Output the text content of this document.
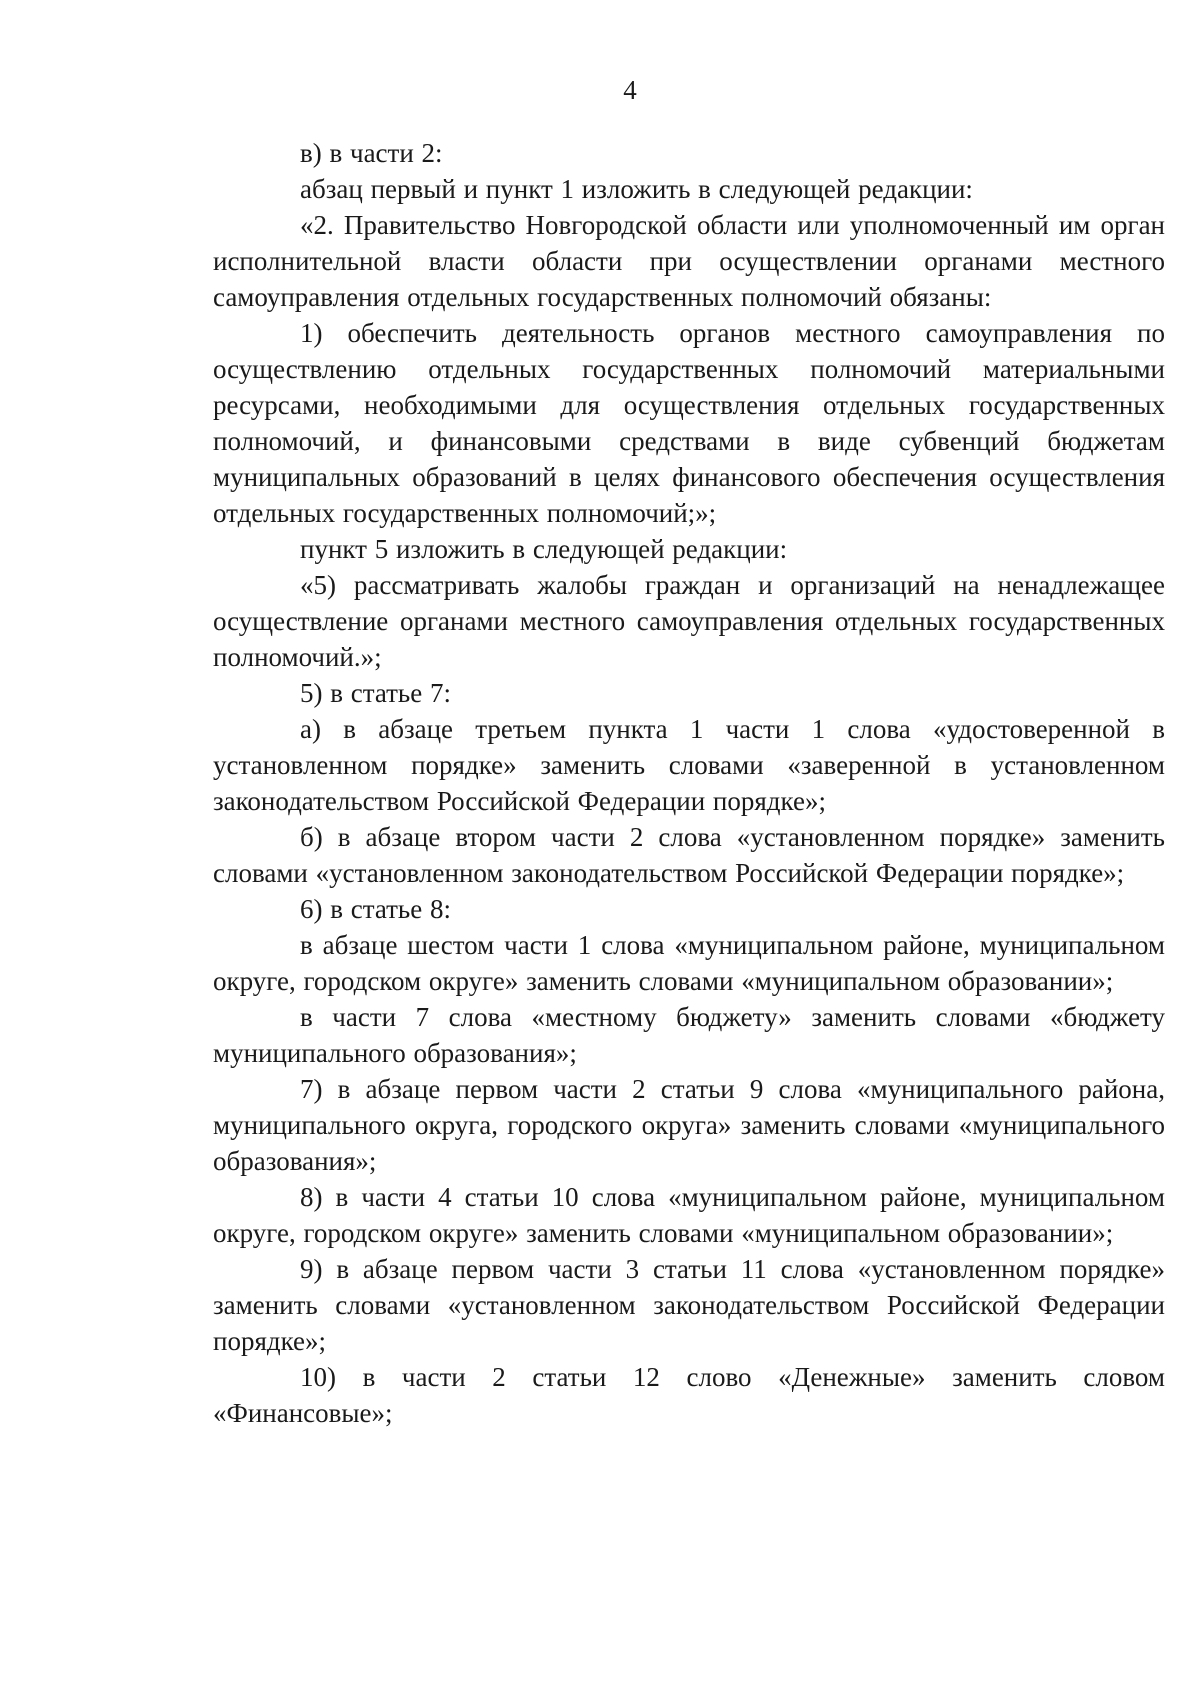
4

в) в части 2:

абзац первый и пункт 1 изложить в следующей редакции:

«2. Правительство Новгородской области или уполномоченный им орган исполнительной власти области при осуществлении органами местного самоуправления отдельных государственных полномочий обязаны:

1) обеспечить деятельность органов местного самоуправления по осуществлению отдельных государственных полномочий материальными ресурсами, необходимыми для осуществления отдельных государственных полномочий, и финансовыми средствами в виде субвенций бюджетам муниципальных образований в целях финансового обеспечения осуществления отдельных государственных полномочий;»;

пункт 5 изложить в следующей редакции:

«5) рассматривать жалобы граждан и организаций на ненадлежащее осуществление органами местного самоуправления отдельных государственных полномочий.»;

5) в статье 7:

а) в абзаце третьем пункта 1 части 1 слова «удостоверенной в установленном порядке» заменить словами «заверенной в установленном законодательством Российской Федерации порядке»;

б) в абзаце втором части 2 слова «установленном порядке» заменить словами «установленном законодательством Российской Федерации порядке»;

6) в статье 8:

в абзаце шестом части 1 слова «муниципальном районе, муниципальном округе, городском округе» заменить словами «муниципальном образовании»;

в части 7 слова «местному бюджету» заменить словами «бюджету муниципального образования»;

7) в абзаце первом части 2 статьи 9 слова «муниципального района, муниципального округа, городского округа» заменить словами «муниципального образования»;

8) в части 4 статьи 10 слова «муниципальном районе, муниципальном округе, городском округе» заменить словами «муниципальном образовании»;

9) в абзаце первом части 3 статьи 11 слова «установленном порядке» заменить словами «установленном законодательством Российской Федерации порядке»;

10) в части 2 статьи 12 слово «Денежные» заменить словом «Финансовые»;
